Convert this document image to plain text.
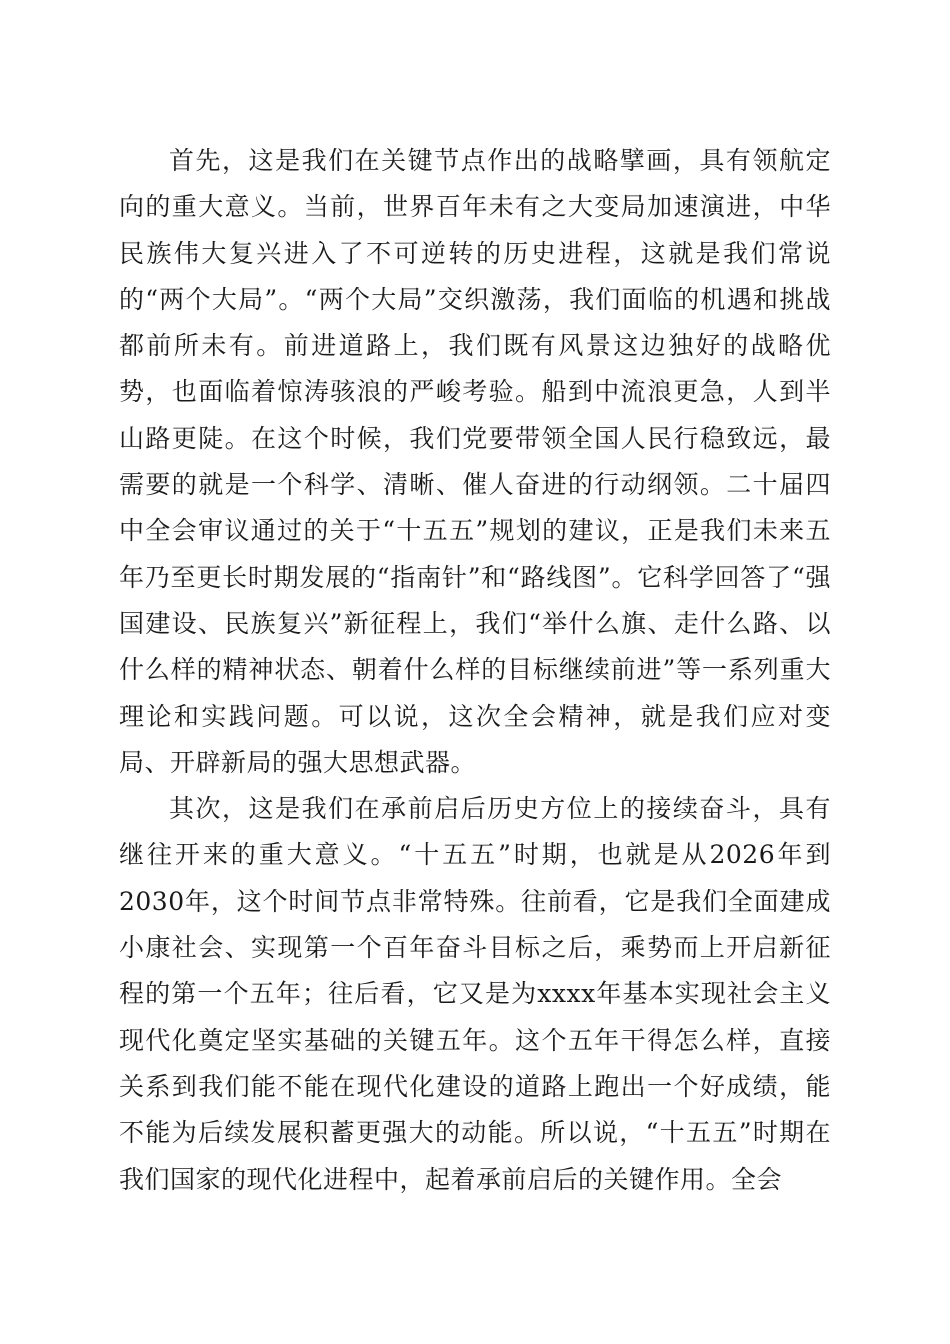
首先，这是我们在关键节点作出的战略擘画，具有领航定向的重大意义。当前，世界百年未有之大变局加速演进，中华民族伟大复兴进入了不可逆转的历史进程，这就是我们常说的“两个大局”。“两个大局”交织激荡，我们面临的机遇和挑战都前所未有。前进道路上，我们既有风景这边独好的战略优势，也面临着惊涛骇浪的严峻考验。船到中流浪更急，人到半山路更陡。在这个时候，我们党要带领全国人民行稳致远，最需要的就是一个科学、清晰、催人奋进的行动纲领。二十届四中全会审议通过的关于“十五五”规划的建议，正是我们未来五年乃至更长时期发展的“指南针”和“路线图”。它科学回答了“强国建设、民族复兴”新征程上，我们“举什么旗、走什么路、以什么样的精神状态、朝着什么样的目标继续前进”等一系列重大理论和实践问题。可以说，这次全会精神，就是我们应对变局、开辟新局的强大思想武器。

其次，这是我们在承前启后历史方位上的接续奋斗，具有继往开来的重大意义。“十五五”时期，也就是从2026年到2030年，这个时间节点非常特殊。往前看，它是我们全面建成小康社会、实现第一个百年奋斗目标之后，乘势而上开启新征程的第一个五年；往后看，它又是为xxxx年基本实现社会主义现代化奠定坚实基础的关键五年。这个五年干得怎么样，直接关系到我们能不能在现代化建设的道路上跑出一个好成绩，能不能为后续发展积蓄更强大的动能。所以说，“十五五”时期在我们国家的现代化进程中，起着承前启后的关键作用。全会
